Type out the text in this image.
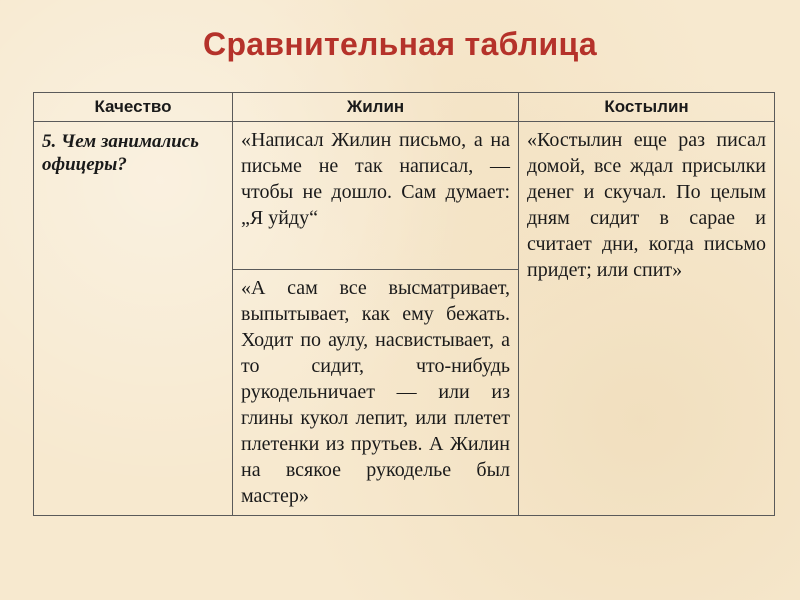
Сравнительная таблица
Качество	Жилин	Костылин
5. Чем занимались офицеры?	«Написал Жилин письмо, а на письме не так написал, — чтобы не дошло. Сам думает: „Я уйду“	«Костылин еще раз писал домой, все ждал присылки денег и скучал. По целым дням сидит в сарае и считает дни, когда письмо придет; или спит»
	«А сам все высматривает, выпытывает, как ему бежать. Ходит по аулу, насвистывает, а то сидит, что-нибудь рукодельничает — или из глины кукол лепит, или плетет плетенки из прутьев. А Жилин на всякое рукоделье был мастер»	
